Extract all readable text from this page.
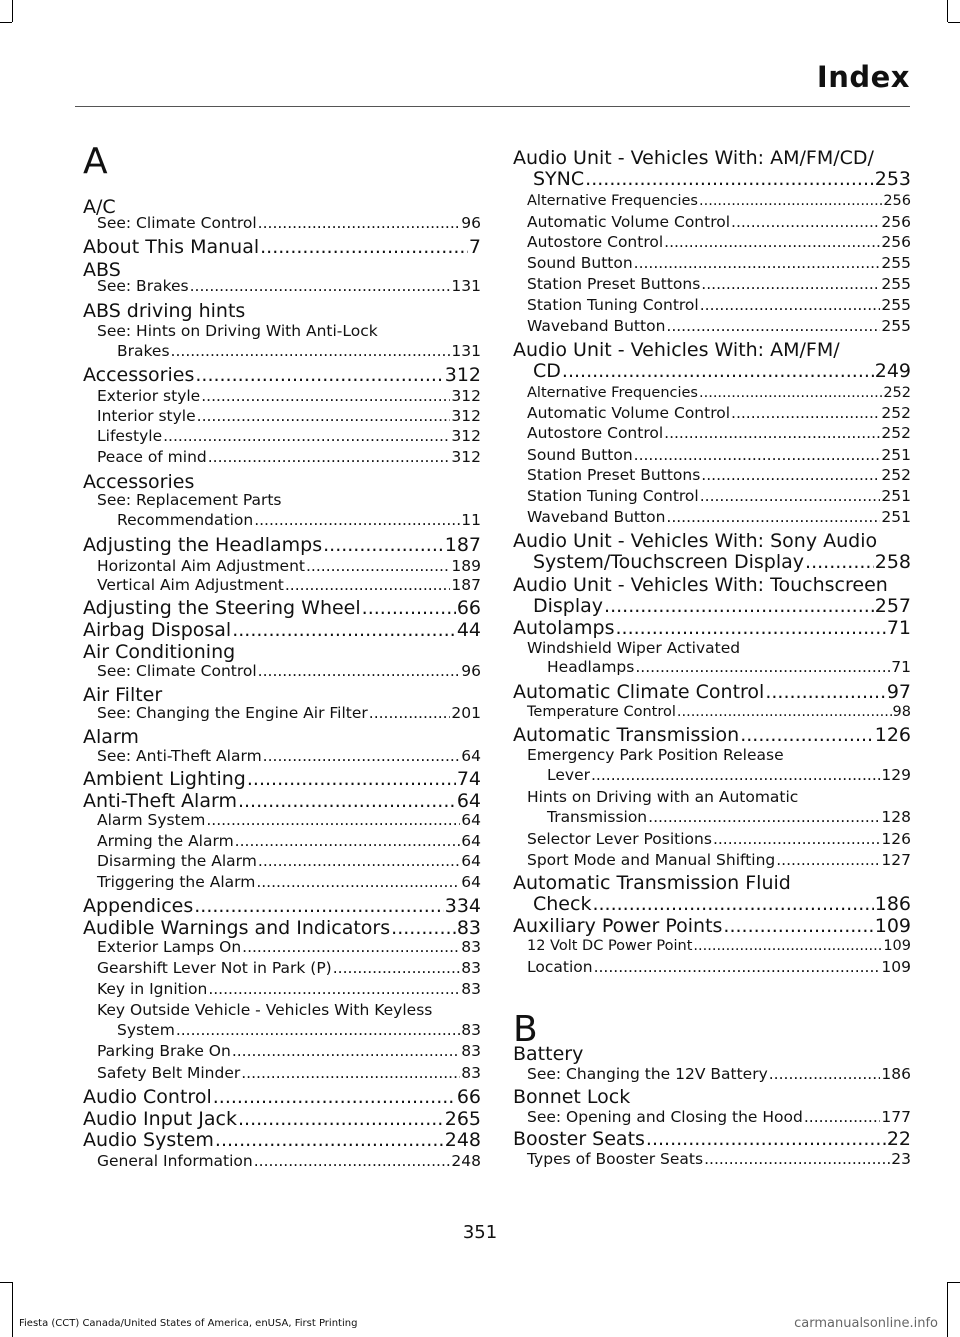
Index
A
A/C
See: Climate Control .....	96
About This Manual .....	7
ABS
See: Brakes .....	131
ABS driving hints
See: Hints on Driving With Anti-Lock
Brakes .....	131
Accessories .....	312
Exterior style .....	312
Interior style .....	312
Lifestyle .....	312
Peace of mind .....	312
Accessories
See: Replacement Parts
Recommendation .....	11
Adjusting the Headlamps .....	187
Horizontal Aim Adjustment .....	189
Vertical Aim Adjustment .....	187
Adjusting the Steering Wheel .....	66
Airbag Disposal .....	44
Air Conditioning
See: Climate Control .....	96
Air Filter
See: Changing the Engine Air Filter .....	201
Alarm
See: Anti-Theft Alarm .....	64
Ambient Lighting .....	74
Anti-Theft Alarm .....	64
Alarm System .....	64
Arming the Alarm .....	64
Disarming the Alarm .....	64
Triggering the Alarm .....	64
Appendices .....	334
Audible Warnings and Indicators .....	83
Exterior Lamps On .....	83
Gearshift Lever Not in Park (P) .....	83
Key in Ignition .....	83
Key Outside Vehicle - Vehicles With Keyless
System .....	83
Parking Brake On .....	83
Safety Belt Minder .....	83
Audio Control .....	66
Audio Input Jack .....	265
Audio System .....	248
General Information .....	248
Audio Unit - Vehicles With: AM/FM/CD/
SYNC .....	253
Alternative Frequencies .....	256
Automatic Volume Control .....	256
Autostore Control .....	256
Sound Button .....	255
Station Preset Buttons .....	255
Station Tuning Control .....	255
Waveband Button .....	255
Audio Unit - Vehicles With: AM/FM/
CD .....	249
Alternative Frequencies .....	252
Automatic Volume Control .....	252
Autostore Control .....	252
Sound Button .....	251
Station Preset Buttons .....	252
Station Tuning Control .....	251
Waveband Button .....	251
Audio Unit - Vehicles With: Sony Audio
System/Touchscreen Display .....	258
Audio Unit - Vehicles With: Touchscreen
Display .....	257
Autolamps .....	71
Windshield Wiper Activated
Headlamps .....	71
Automatic Climate Control .....	97
Temperature Control .....	98
Automatic Transmission .....	126
Emergency Park Position Release
Lever .....	129
Hints on Driving with an Automatic
Transmission .....	128
Selector Lever Positions .....	126
Sport Mode and Manual Shifting .....	127
Automatic Transmission Fluid
Check .....	186
Auxiliary Power Points .....	109
12 Volt DC Power Point .....	109
Location .....	109
B
Battery
See: Changing the 12V Battery .....	186
Bonnet Lock
See: Opening and Closing the Hood .....	177
Booster Seats .....	22
Types of Booster Seats .....	23
351
Fiesta (CCT) Canada/United States of America, enUSA, First Printing	carmanualsonline.info
